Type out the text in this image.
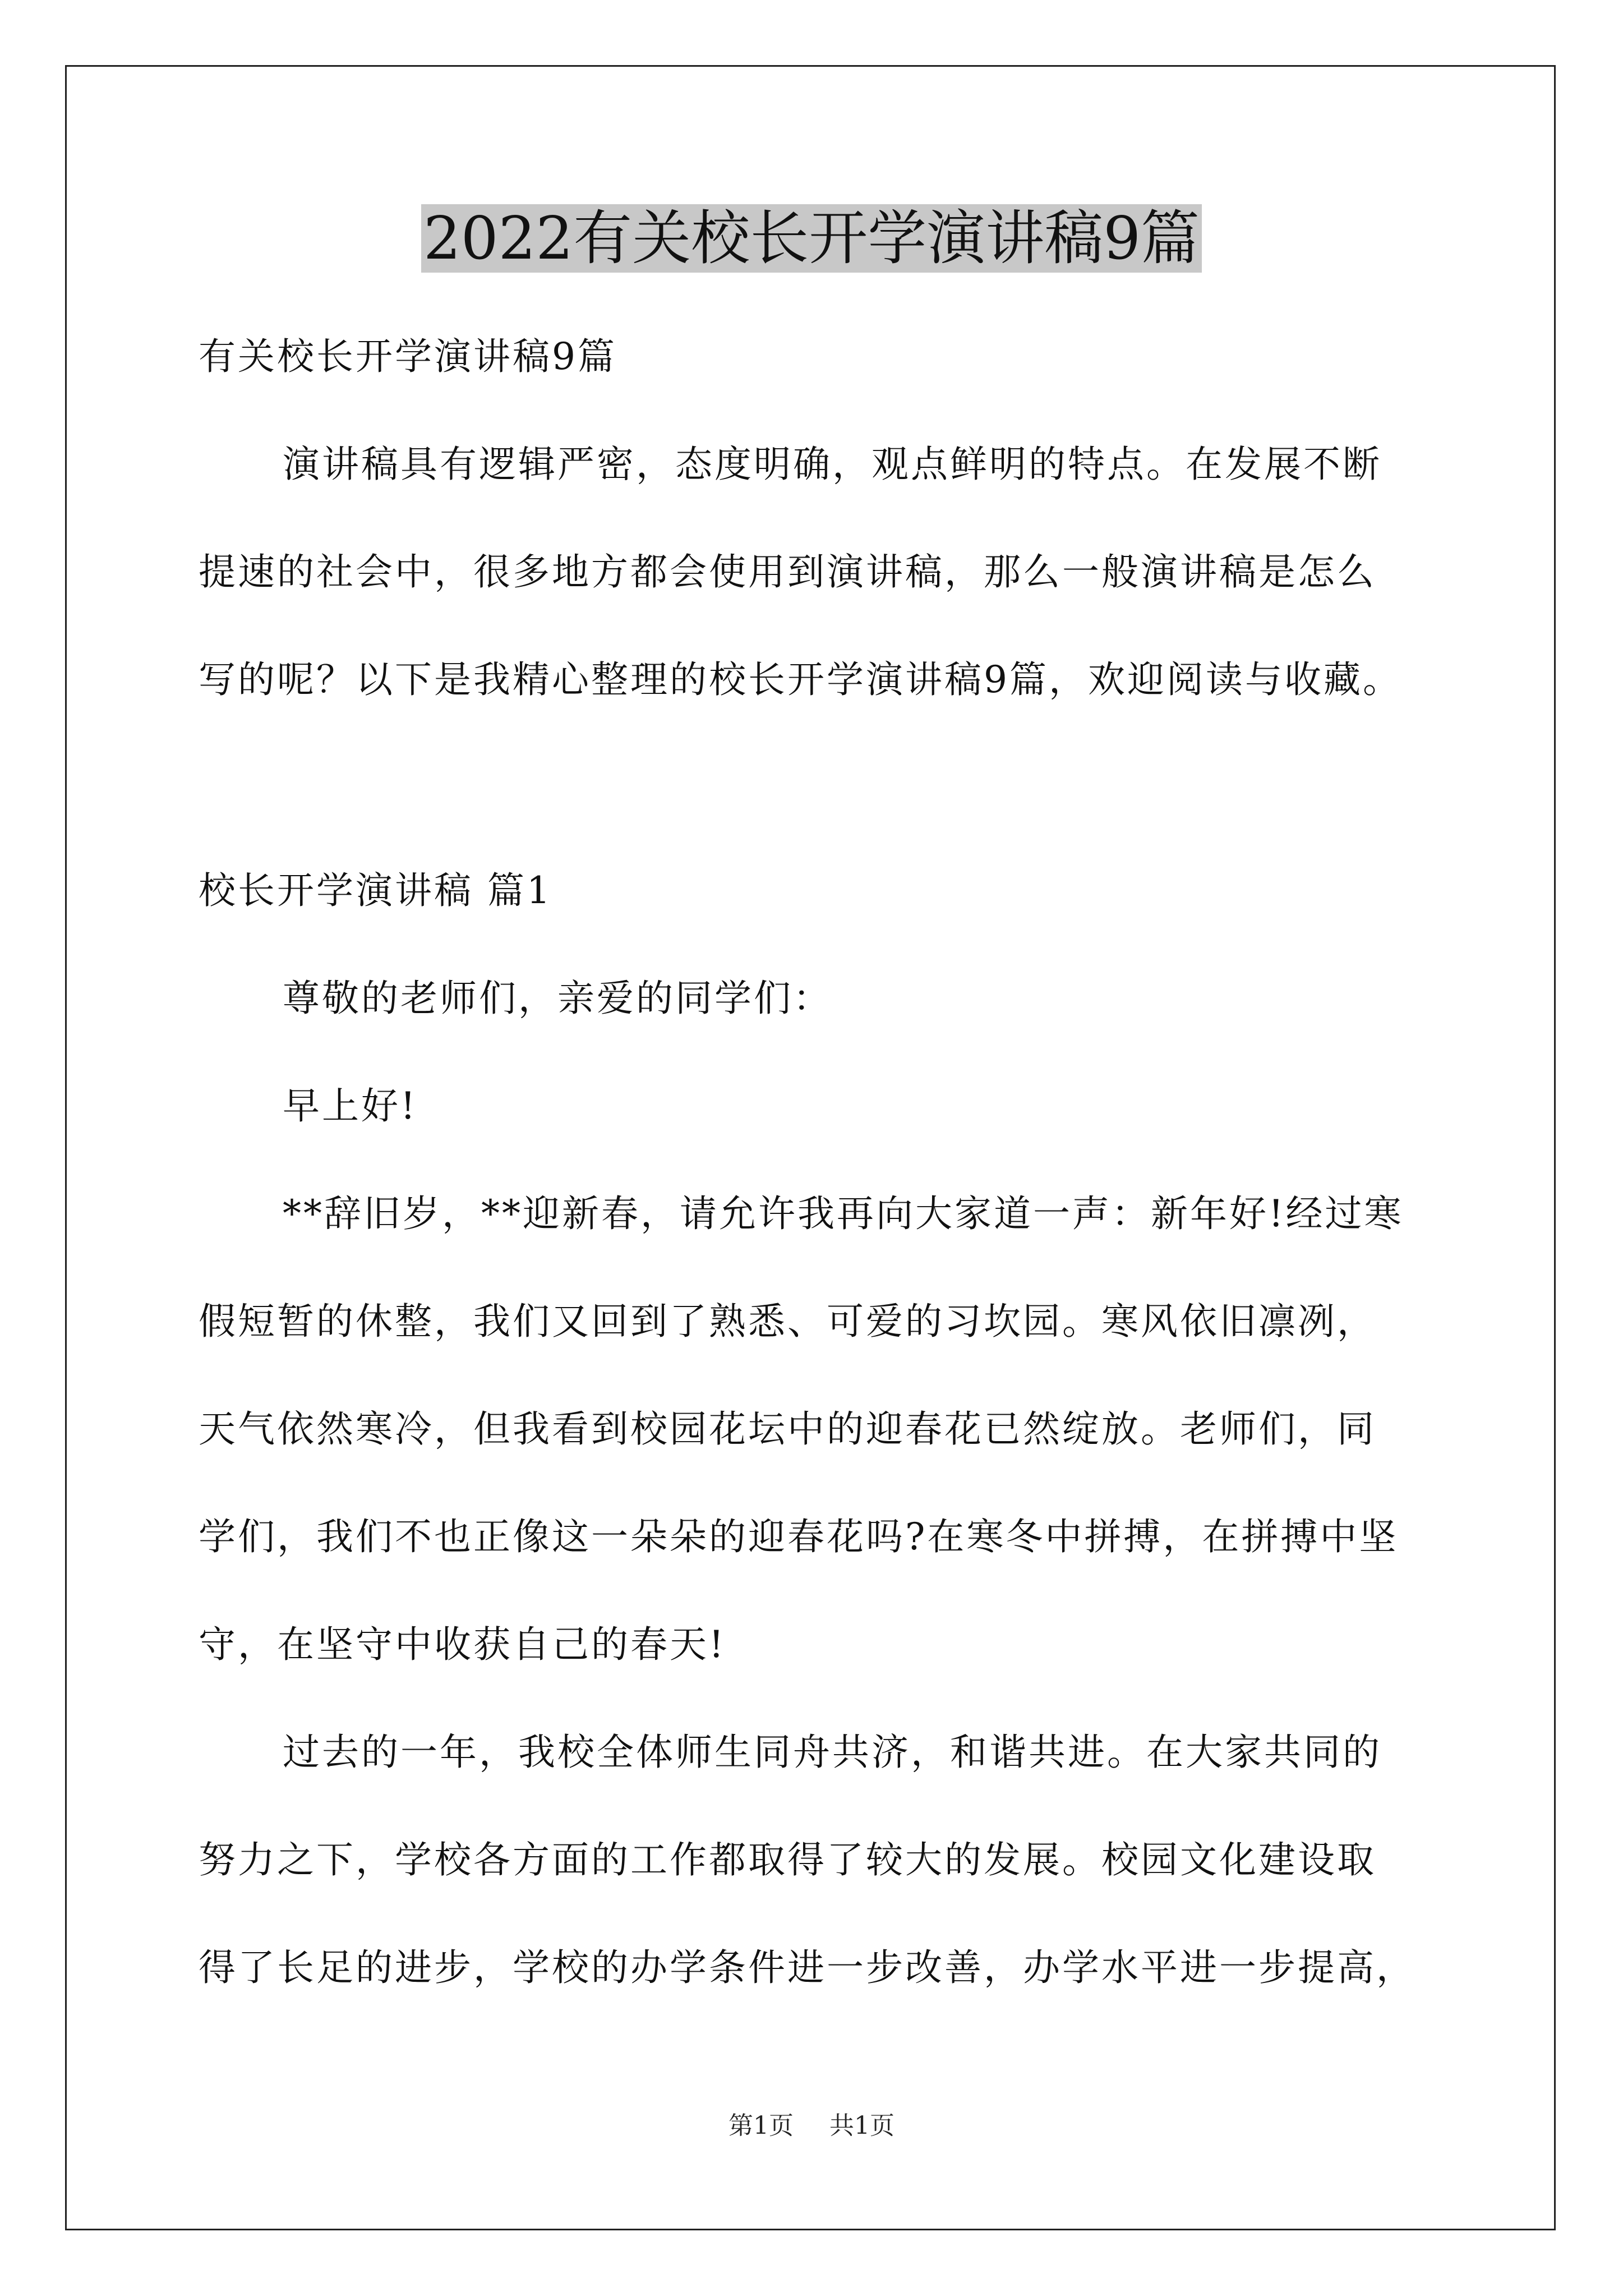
2022有关校长开学演讲稿9篇
有关校长开学演讲稿9篇
演讲稿具有逻辑严密，态度明确，观点鲜明的特点。在发展不断
提速的社会中，很多地方都会使用到演讲稿，那么一般演讲稿是怎么
写的呢？以下是我精心整理的校长开学演讲稿9篇，欢迎阅读与收藏。
校长开学演讲稿 篇1
尊敬的老师们，亲爱的同学们：
早上好!
**辞旧岁，**迎新春，请允许我再向大家道一声：新年好!经过寒
假短暂的休整，我们又回到了熟悉、可爱的习坎园。寒风依旧凛冽，
天气依然寒冷，但我看到校园花坛中的迎春花已然绽放。老师们，同
学们，我们不也正像这一朵朵的迎春花吗?在寒冬中拼搏，在拼搏中坚
守，在坚守中收获自己的春天!
过去的一年，我校全体师生同舟共济，和谐共进。在大家共同的
努力之下，学校各方面的工作都取得了较大的发展。校园文化建设取
得了长足的进步，学校的办学条件进一步改善，办学水平进一步提高，
第1页 共1页
